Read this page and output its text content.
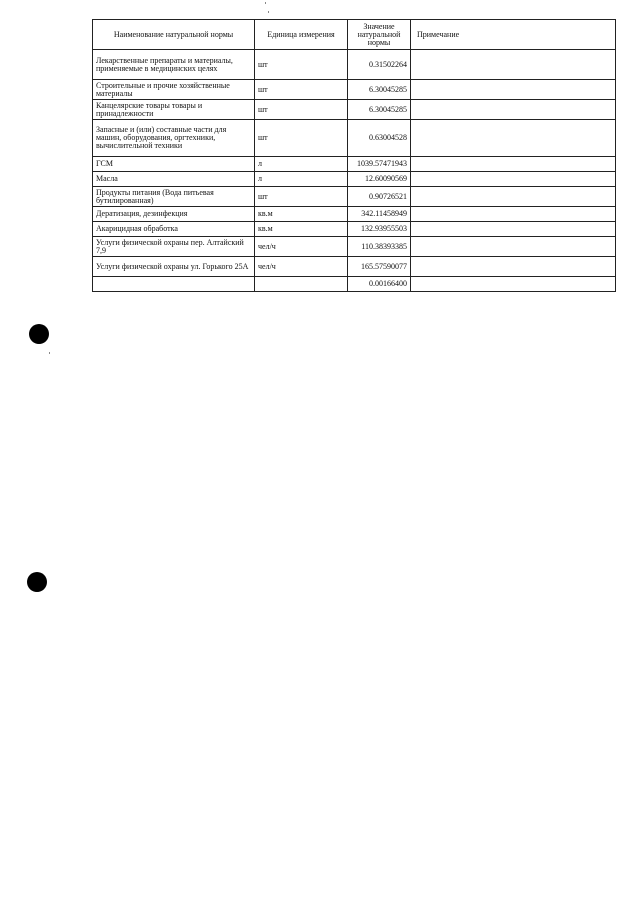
Наименование натуральной нормы	Единица измерения	Значение натуральной нормы	Примечание
Лекарственные препараты и материалы, применяемые в медицинских целях	шт	0.31502264	
Строительные и прочие хозяйственные материалы	шт	6.30045285	
Канцелярские товары товары и принадлежности	шт	6.30045285	
Запасные и (или) составные части для машин, оборудования, оргтехники, вычислительной техники	шт	0.63004528	
ГСМ	л	1039.57471943	
Масла	л	12.60090569	
Продукты питания (Вода питьевая бутилированная)	шт	0.90726521	
Дератизация, дезинфекция	кв.м	342.11458949	
Акарицидная обработка	кв.м	132.93955503	
Услуги физической охраны пер. Алтайский 7,9	чел/ч	110.38393385	
Услуги физической охраны ул. Горького 25А	чел/ч	165.57590077	
		0.00166400	
